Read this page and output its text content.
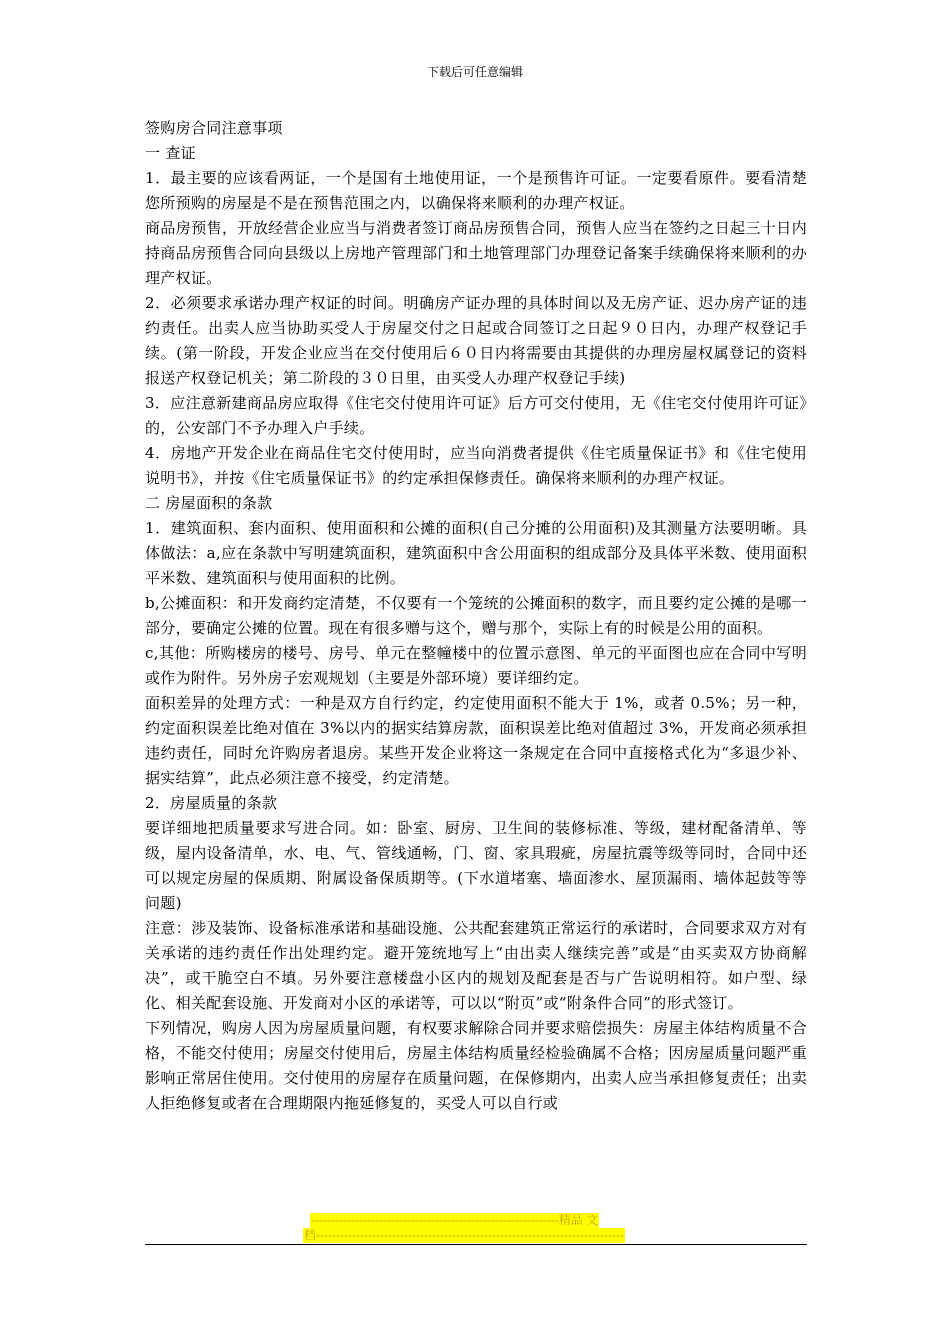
下载后可任意编辑

签购房合同注意事项

一 查证

1．最主要的应该看两证，一个是国有土地使用证，一个是预售许可证。一定要看原件。要看清楚您所预购的房屋是不是在预售范围之内，以确保将来顺利的办理产权证。

商品房预售，开放经营企业应当与消费者签订商品房预售合同，预售人应当在签约之日起三十日内持商品房预售合同向县级以上房地产管理部门和土地管理部门办理登记备案手续确保将来顺利的办理产权证。

2．必须要求承诺办理产权证的时间。明确房产证办理的具体时间以及无房产证、迟办房产证的违约责任。出卖人应当协助买受人于房屋交付之日起或合同签订之日起９０日内，办理产权登记手续。(第一阶段，开发企业应当在交付使用后６０日内将需要由其提供的办理房屋权属登记的资料报送产权登记机关；第二阶段的３０日里，由买受人办理产权登记手续)

3．应注意新建商品房应取得《住宅交付使用许可证》后方可交付使用，无《住宅交付使用许可证》的，公安部门不予办理入户手续。

4．房地产开发企业在商品住宅交付使用时，应当向消费者提供《住宅质量保证书》和《住宅使用说明书》，并按《住宅质量保证书》的约定承担保修责任。确保将来顺利的办理产权证。

二 房屋面积的条款

1．建筑面积、套内面积、使用面积和公摊的面积(自己分摊的公用面积)及其测量方法要明晰。具体做法：a,应在条款中写明建筑面积，建筑面积中含公用面积的组成部分及具体平米数、使用面积平米数、建筑面积与使用面积的比例。

b,公摊面积：和开发商约定清楚，不仅要有一个笼统的公摊面积的数字，而且要约定公摊的是哪一部分，要确定公摊的位置。现在有很多赠与这个，赠与那个，实际上有的时候是公用的面积。

c,其他：所购楼房的楼号、房号、单元在整幢楼中的位置示意图、单元的平面图也应在合同中写明或作为附件。另外房子宏观规划（主要是外部环境）要详细约定。

面积差异的处理方式：一种是双方自行约定，约定使用面积不能大于 1%，或者 0.5%；另一种，约定面积误差比绝对值在 3%以内的据实结算房款，面积误差比绝对值超过 3%，开发商必须承担违约责任，同时允许购房者退房。某些开发企业将这一条规定在合同中直接格式化为“多退少补、据实结算”，此点必须注意不接受，约定清楚。

2．房屋质量的条款

要详细地把质量要求写进合同。如：卧室、厨房、卫生间的装修标准、等级，建材配备清单、等级，屋内设备清单，水、电、气、管线通畅，门、窗、家具瑕疵，房屋抗震等级等同时，合同中还可以规定房屋的保质期、附属设备保质期等。(下水道堵塞、墙面渗水、屋顶漏雨、墙体起鼓等等问题)

注意：涉及装饰、设备标准承诺和基础设施、公共配套建筑正常运行的承诺时，合同要求双方对有关承诺的违约责任作出处理约定。避开笼统地写上“由出卖人继续完善”或是“由买卖双方协商解决”，或干脆空白不填。另外要注意楼盘小区内的规划及配套是否与广告说明相符。如户型、绿化、相关配套设施、开发商对小区的承诺等，可以以“附页”或“附条件合同”的形式签订。

下列情况，购房人因为房屋质量问题，有权要求解除合同并要求赔偿损失：房屋主体结构质量不合格，不能交付使用；房屋交付使用后，房屋主体结构质量经检验确属不合格；因房屋质量问题严重影响正常居住使用。交付使用的房屋存在质量问题，在保修期内，出卖人应当承担修复责任；出卖人拒绝修复或者在合理期限内拖延修复的，买受人可以自行或

--------------------------------------------------------------精品 文
档-----------------------------------------------------------------------------
